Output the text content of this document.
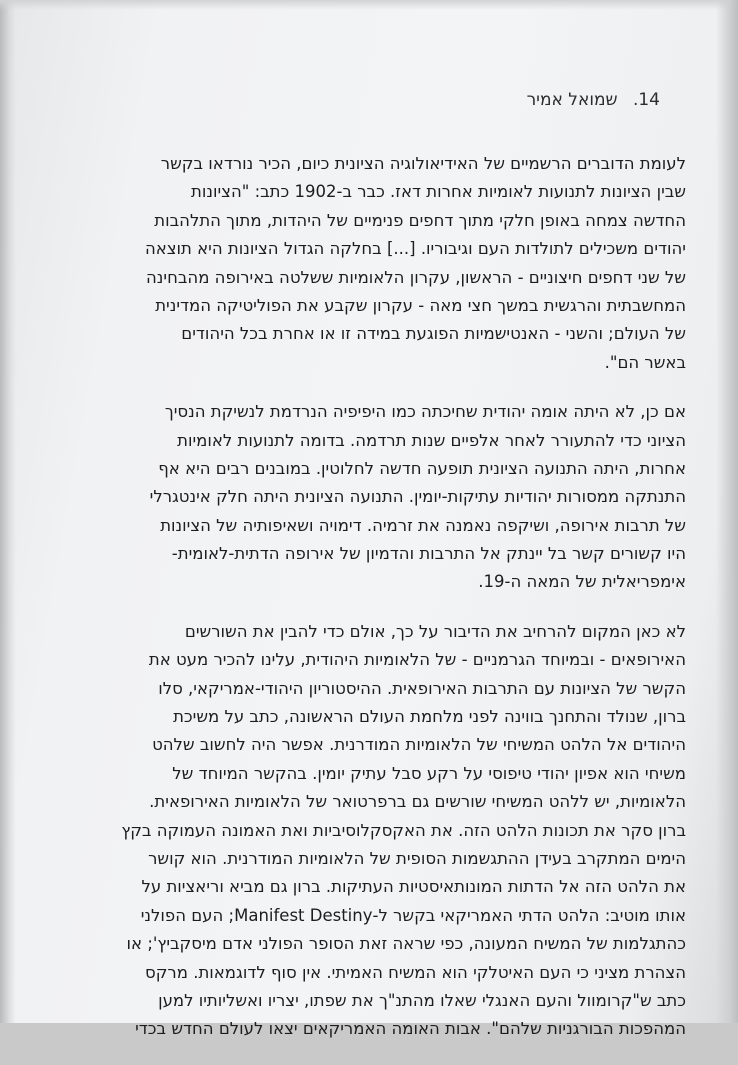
14. שמואל אמיר
לעומת הדוברים הרשמיים של האידיאולוגיה הציונית כיום, הכיר נורדאו בקשר
שבין הציונות לתנועות לאומיות אחרות דאז. כבר ב-1902 כתב: "הציונות
החדשה צמחה באופן חלקי מתוך דחפים פנימיים של היהדות, מתוך התלהבות
יהודים משכילים לתולדות העם וגיבוריו. [...] בחלקה הגדול הציונות היא תוצאה
של שני דחפים חיצוניים - הראשון, עקרון הלאומיות ששלטה באירופה מהבחינה
המחשבתית והרגשית במשך חצי מאה - עקרון שקבע את הפוליטיקה המדינית
של העולם; והשני - האנטישמיות הפוגעת במידה זו או אחרת בכל היהודים
באשר הם".
אם כן, לא היתה אומה יהודית שחיכתה כמו היפיפיה הנרדמת לנשיקת הנסיך
הציוני כדי להתעורר לאחר אלפיים שנות תרדמה. בדומה לתנועות לאומיות
אחרות, היתה התנועה הציונית תופעה חדשה לחלוטין. במובנים רבים היא אף
התנתקה ממסורות יהודיות עתיקות-יומין. התנועה הציונית היתה חלק אינטגרלי
של תרבות אירופה, ושיקפה נאמנה את זרמיה. דימויה ושאיפותיה של הציונות
היו קשורים קשר בל יינתק אל התרבות והדמיון של אירופה הדתית-לאומית-
אימפריאלית של המאה ה-19.
לא כאן המקום להרחיב את הדיבור על כך, אולם כדי להבין את השורשים
האירופאים - ובמיוחד הגרמניים - של הלאומיות היהודית, עלינו להכיר מעט את
הקשר של הציונות עם התרבות האירופאית. ההיסטוריון היהודי-אמריקאי, סלו
ברון, שנולד והתחנך בווינה לפני מלחמת העולם הראשונה, כתב על משיכת
היהודים אל הלהט המשיחי של הלאומיות המודרנית. אפשר היה לחשוב שלהט
משיחי הוא אפיון יהודי טיפוסי על רקע סבל עתיק יומין. בהקשר המיוחד של
הלאומיות, יש ללהט המשיחי שורשים גם ברפרטואר של הלאומיות האירופאית.
ברון סקר את תכונות הלהט הזה. את האקסקלוסיביות ואת האמונה העמוקה בקץ
הימים המתקרב בעידן ההתגשמות הסופית של הלאומיות המודרנית. הוא קושר
את הלהט הזה אל הדתות המונותאיסטיות העתיקות. ברון גם מביא וריאציות על
אותו מוטיב: הלהט הדתי האמריקאי בקשר ל-Manifest Destiny; העם הפולני
כהתגלמות של המשיח המעונה, כפי שראה זאת הסופר הפולני אדם מיסקביץ'; או
הצהרת מציני כי העם האיטלקי הוא המשיח האמיתי. אין סוף לדוגמאות. מרקס
כתב ש"קרומוול והעם האנגלי שאלו מהתנ"ך את שפתו, יצריו ואשליותיו למען
המהפכות הבורגניות שלהם". אבות האומה האמריקאים יצאו לעולם החדש בכדי
